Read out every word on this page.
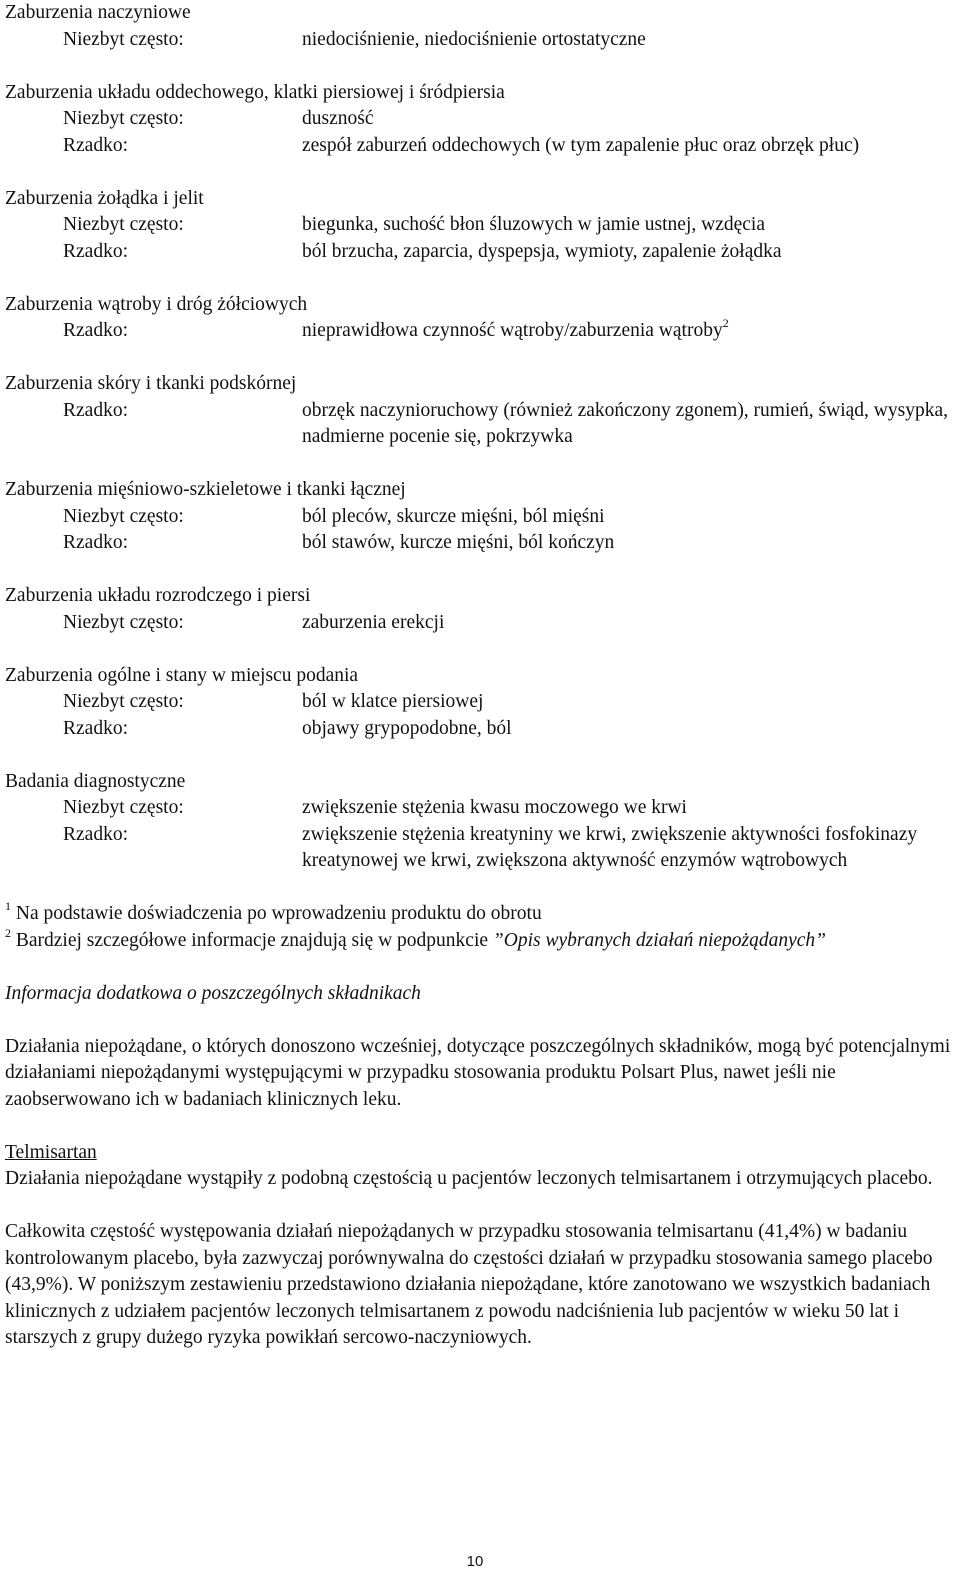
Zaburzenia naczyniowe
Niezbyt często:	niedociśnienie, niedociśnienie ortostatyczne
Zaburzenia układu oddechowego, klatki piersiowej i śródpiersia
Niezbyt często:	duszność
Rzadko:	zespół zaburzeń oddechowych (w tym zapalenie płuc oraz obrzęk płuc)
Zaburzenia żołądka i jelit
Niezbyt często:	biegunka, suchość błon śluzowych w jamie ustnej, wzdęcia
Rzadko:	ból brzucha, zaparcia, dyspepsja, wymioty, zapalenie żołądka
Zaburzenia wątroby i dróg żółciowych
Rzadko:	nieprawidłowa czynność wątroby/zaburzenia wątroby$^2$
Zaburzenia skóry i tkanki podskórnej
Rzadko:	obrzęk naczynioruchowy (również zakończony zgonem), rumień, świąd, wysypka, nadmierne pocenie się, pokrzywka
Zaburzenia mięśniowo-szkieletowe i tkanki łącznej
Niezbyt często:	ból pleców, skurcze mięśni, ból mięśni
Rzadko:	ból stawów, kurcze mięśni, ból kończyn
Zaburzenia układu rozrodczego i piersi
Niezbyt często:	zaburzenia erekcji
Zaburzenia ogólne i stany w miejscu podania
Niezbyt często:	ból w klatce piersiowej
Rzadko:	objawy grypopodobne, ból
Badania diagnostyczne
Niezbyt często:	zwiększenie stężenia kwasu moczowego we krwi
Rzadko:	zwiększenie stężenia kreatyniny we krwi, zwiększenie aktywności fosfokinazy kreatynowej we krwi, zwiększona aktywność enzymów wątrobowych
$^1$ Na podstawie doświadczenia po wprowadzeniu produktu do obrotu
$^2$ Bardziej szczegółowe informacje znajdują się w podpunkcie ”Opis wybranych działań niepożądanych”
Informacja dodatkowa o poszczególnych składnikach
Działania niepożądane, o których donoszono wcześniej, dotyczące poszczególnych składników, mogą być potencjalnymi działaniami niepożądanymi występującymi w przypadku stosowania produktu Polsart Plus, nawet jeśli nie zaobserwowano ich w badaniach klinicznych leku.
Telmisartan
Działania niepożądane wystąpiły z podobną częstością u pacjentów leczonych telmisartanem i otrzymujących placebo.
Całkowita częstość występowania działań niepożądanych w przypadku stosowania telmisartanu (41,4%) w badaniu kontrolowanym placebo, była zazwyczaj porównywalna do częstości działań w przypadku stosowania samego placebo (43,9%). W poniższym zestawieniu przedstawiono działania niepożądane, które zanotowano we wszystkich badaniach klinicznych z udziałem pacjentów leczonych telmisartanem z powodu nadciśnienia lub pacjentów w wieku 50 lat i starszych z grupy dużego ryzyka powikłań sercowo-naczyniowych.
10
